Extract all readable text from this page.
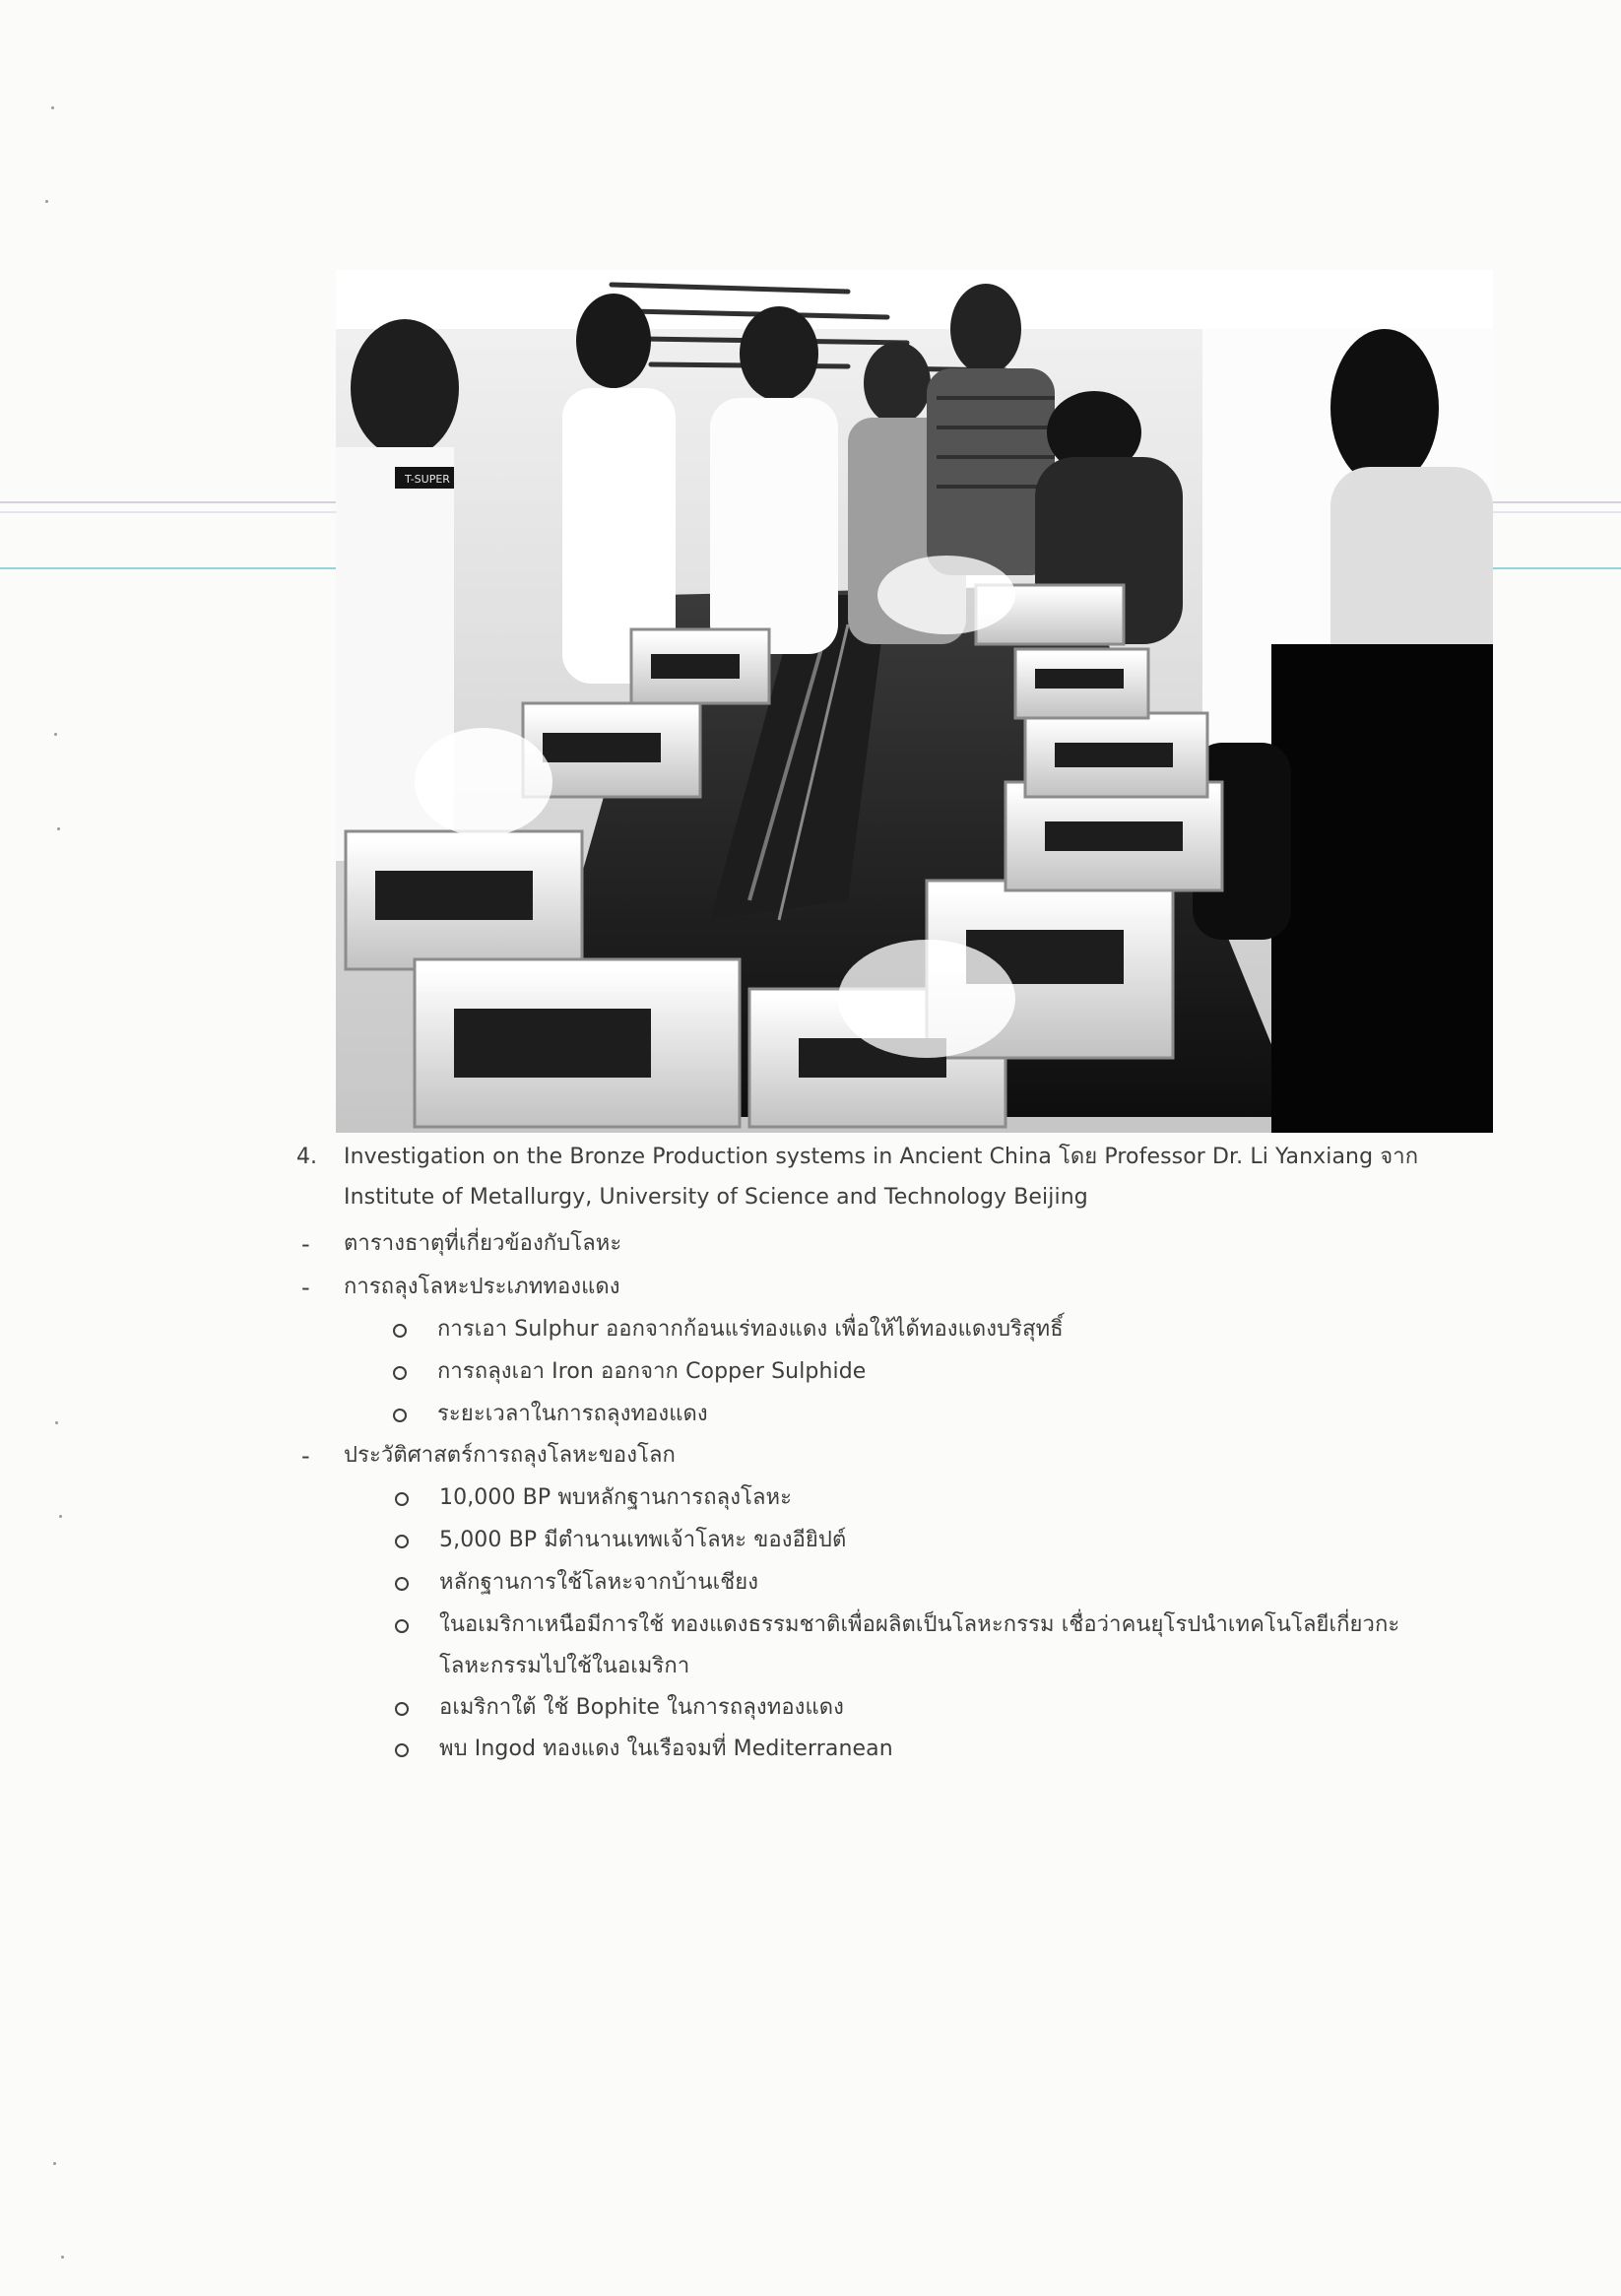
T-SUPER
4. Investigation on the Bronze Production systems in Ancient China โดย Professor Dr. Li Yanxiang จาก
Institute of Metallurgy, University of Science and Technology Beijing
- ตารางธาตุที่เกี่ยวข้องกับโลหะ
- การถลุงโลหะประเภททองแดง
การเอา Sulphur ออกจากก้อนแร่ทองแดง เพื่อให้ได้ทองแดงบริสุทธิ์
การถลุงเอา Iron ออกจาก Copper Sulphide
ระยะเวลาในการถลุงทองแดง
- ประวัติศาสตร์การถลุงโลหะของโลก
10,000 BP พบหลักฐานการถลุงโลหะ
5,000 BP มีตำนานเทพเจ้าโลหะ ของอียิปต์
หลักฐานการใช้โลหะจากบ้านเชียง
ในอเมริกาเหนือมีการใช้ ทองแดงธรรมชาติเพื่อผลิตเป็นโลหะกรรม เชื่อว่าคนยุโรปนำเทคโนโลยีเกี่ยวกะ
โลหะกรรมไปใช้ในอเมริกา
อเมริกาใต้ ใช้ Bophite ในการถลุงทองแดง
พบ Ingod ทองแดง ในเรือจมที่ Mediterranean
